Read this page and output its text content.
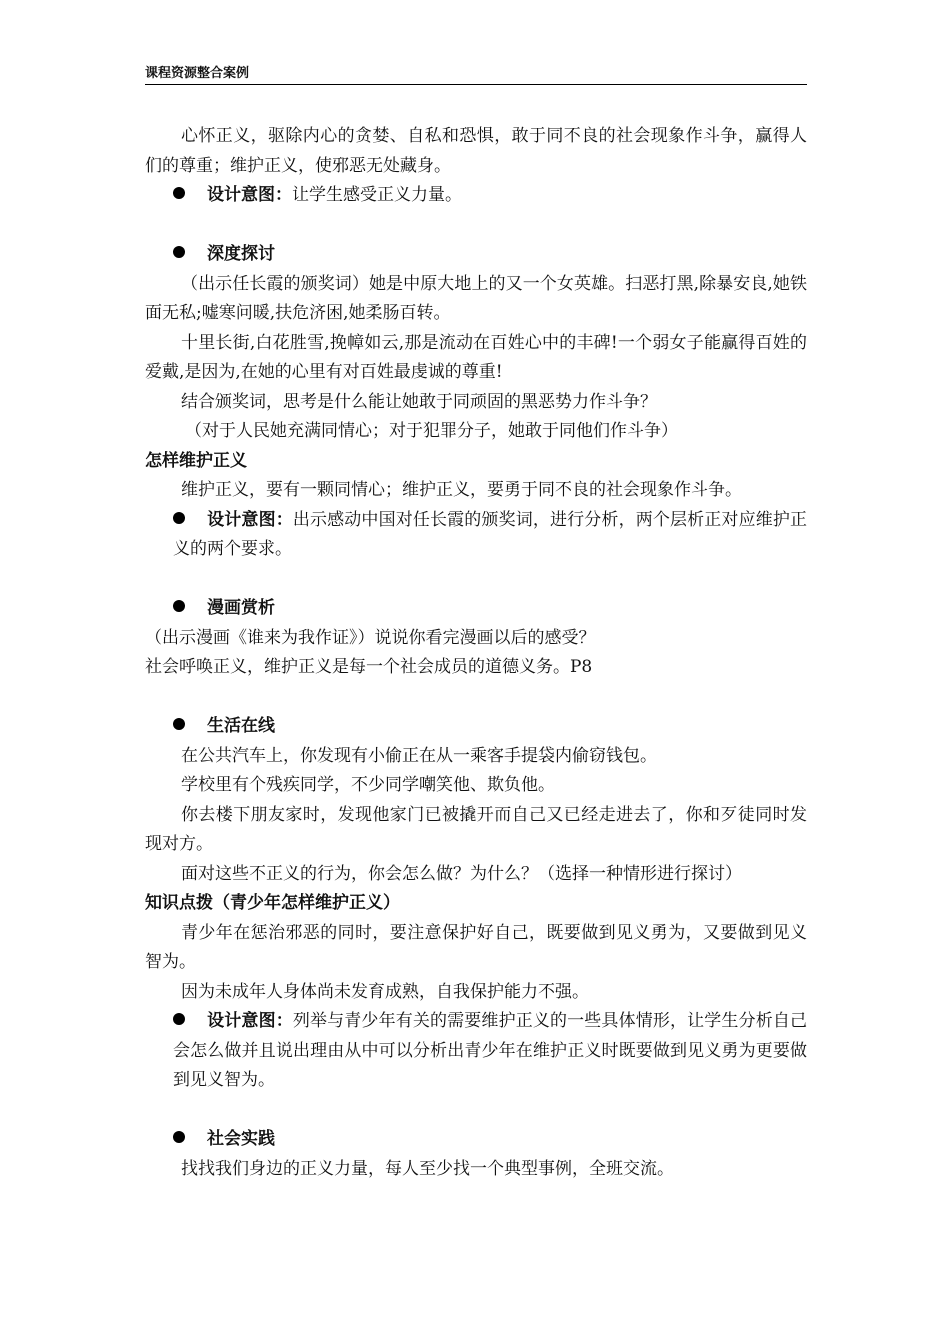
课程资源整合案例

心怀正义，驱除内心的贪婪、自私和恐惧，敢于同不良的社会现象作斗争，赢得人们的尊重；维护正义，使邪恶无处藏身。

设计意图：让学生感受正义力量。

深度探讨

（出示任长霞的颁奖词）她是中原大地上的又一个女英雄。扫恶打黑,除暴安良,她铁面无私;嘘寒问暖,扶危济困,她柔肠百转。

十里长街,白花胜雪,挽幛如云,那是流动在百姓心中的丰碑!一个弱女子能赢得百姓的爱戴,是因为,在她的心里有对百姓最虔诚的尊重!

结合颁奖词，思考是什么能让她敢于同顽固的黑恶势力作斗争？

（对于人民她充满同情心；对于犯罪分子，她敢于同他们作斗争）

怎样维护正义

维护正义，要有一颗同情心；维护正义，要勇于同不良的社会现象作斗争。

设计意图：出示感动中国对任长霞的颁奖词，进行分析，两个层析正对应维护正义的两个要求。

漫画赏析

（出示漫画《谁来为我作证》）说说你看完漫画以后的感受？

社会呼唤正义，维护正义是每一个社会成员的道德义务。P8

生活在线

在公共汽车上，你发现有小偷正在从一乘客手提袋内偷窃钱包。

学校里有个残疾同学，不少同学嘲笑他、欺负他。

你去楼下朋友家时，发现他家门已被撬开而自己又已经走进去了，你和歹徒同时发现对方。

面对这些不正义的行为，你会怎么做？为什么？（选择一种情形进行探讨）

知识点拨（青少年怎样维护正义）

青少年在惩治邪恶的同时，要注意保护好自己，既要做到见义勇为，又要做到见义智为。

因为未成年人身体尚未发育成熟，自我保护能力不强。

设计意图：列举与青少年有关的需要维护正义的一些具体情形，让学生分析自己会怎么做并且说出理由从中可以分析出青少年在维护正义时既要做到见义勇为更要做到见义智为。

社会实践

找找我们身边的正义力量，每人至少找一个典型事例，全班交流。
